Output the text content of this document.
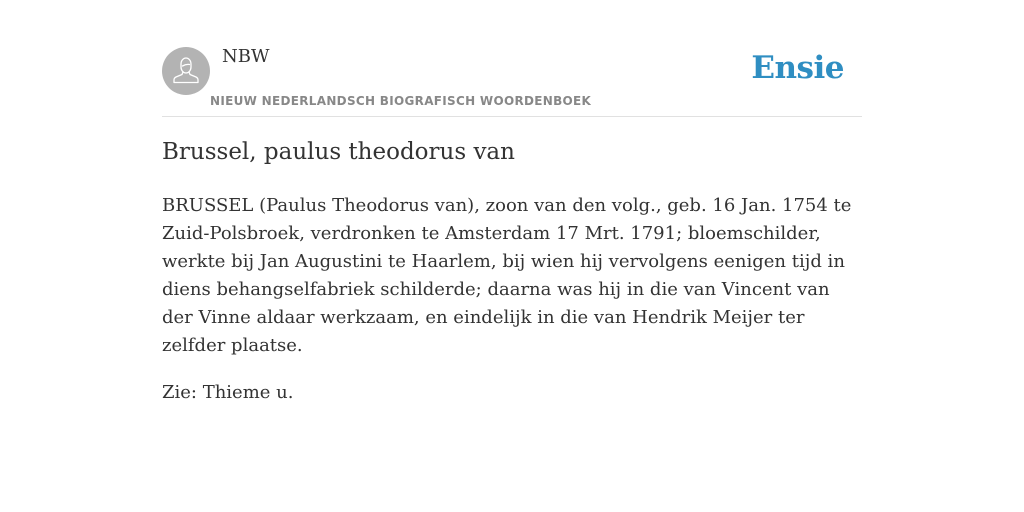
NBW
NIEUW NEDERLANDSCH BIOGRAFISCH WOORDENBOEK
Ensie
Brussel, paulus theodorus van

BRUSSEL (Paulus Theodorus van), zoon van den volg., geb. 16 Jan. 1754 te Zuid-Polsbroek, verdronken te Amsterdam 17 Mrt. 1791; bloemschilder, werkte bij Jan Augustini te Haarlem, bij wien hij vervolgens eenigen tijd in diens behangselfabriek schilderde; daarna was hij in die van Vincent van der Vinne aldaar werkzaam, en eindelijk in die van Hendrik Meijer ter zelfder plaatse.

Zie: Thieme u.
